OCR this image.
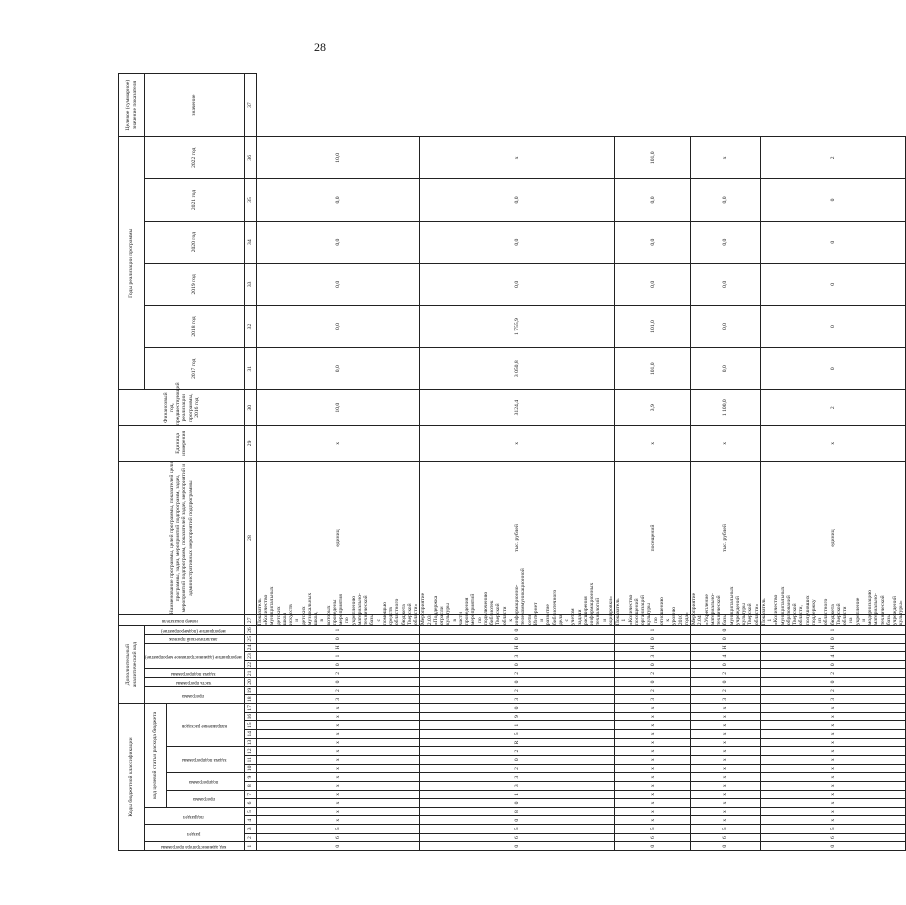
28
Коды бюджетной классификации																	Дополнительный аналитический код									номер показателя	Наименование программы, целей программы, показателей цели программы, задач, мероприятий подпрограмм, задач, мероприятий подпрограмм, показателей задач, мероприятий и административных мероприятий подпрограммы	Единица измерения	Финансовый год, предшествующий реализации программы, 2016 год	Годы реализации программы						Целевое (суммарное) значение показателя
код администратора программы	раздел		подраздел		код целевой статьи расхода бюджета												программа		часть программы	задача подпрограммы	мероприятие (административное мероприятие)			аналитический признак	мероприятие (подмероприятие)					2017 год	2018 год	2019 год	2020 год	2021 год	2022 год	значение
					программа		подпрограмма		задача подпрограммы			направление расходов																								
1	2	3	4	5	6	7	8	9	10	11	12	13	14	15	16	17	18	19	20	21	22	23	24	25	26	27	28	29	30	31	32	33	34	35	36	37
0	6	5	х	х	х	х	х	х	х	х	х	х	х	х	х	х	3	2	0	2	0	1	Н	0	1	Показатель «Количество муниципальных детских школ искусств и детских музыкальных школ, в которых проведены мероприятия по укреплению материально-технической базы с помощью средств областного бюджета Тверской области»	единиц	х	10,0	0,0	0,0	0,0	0,0	0,0	10,0	
0	6	5	0	8	0	1	3	3	2	0	2	R	5	1	9	0	3	2	0	2	0	3	Н	0	0	Мероприятие 2.03 «Поддержка отрасли культуры в части проведения мероприятий по подключению библиотек Тверской области к информационно-телекоммуникационной сети Интернет и развитие библиотечного дела с учетом задачи расширения информационных технологий и оцифровки»	тыс. рублей	х	3124,4	3 050,8	1 755,9	0,0	0,0	0,0	х	
0	6	5	х	х	х	х	х	х	х	х	х	х	х	х	х	х	3	2	0	2	0	3	Н	0	1	Показатель 1 «Количество посещений организаций культуры по отношению к уровню 2010 года»	посещений	х	3,9	101,0	101,0	0,0	0,0	0,0	101,0	
0	6	5	х	х	х	х	х	х	х	х	х	х	х	х	х	х	3	2	0	2	0	4	Н	0	0	Мероприятие 2.04 «Укрепление материально-технической базы муниципальных учреждений культуры Тверской области»	тыс. рублей	х	1 100,0	0,0	0,0	0,0	0,0	0,0	х	
0	6	5	х	х	х	х	х	х	х	х	х	х	х	х	х	х	3	2	0	2	0	4	Н	0	1	Показатель 1 «Количество муниципальных образований Тверской области, получивших поддержку из областного бюджета Тверской области на укрепление и модернизацию материально-технической базы учреждений культуры»	единиц	х	2	0	0	0	0	0	2	
